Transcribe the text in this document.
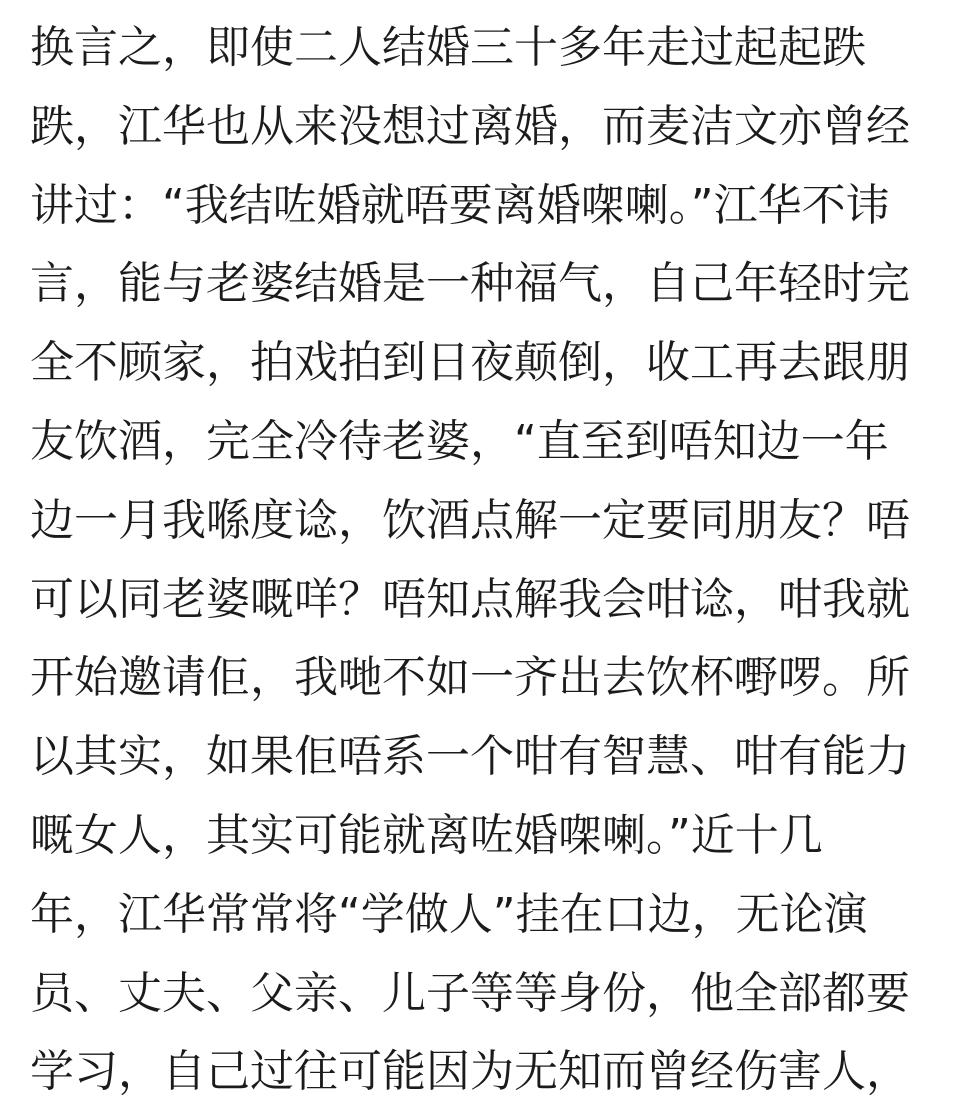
换言之，即使二人结婚三十多年走过起起跌
跌，江华也从来没想过离婚，而麦洁文亦曾经
讲过：“我结咗婚就唔要离婚㗎喇。”江华不讳
言，能与老婆结婚是一种福气，自己年轻时完
全不顾家，拍戏拍到日夜颠倒，收工再去跟朋
友饮酒，完全冷待老婆，“直至到唔知边一年
边一月我喺度谂，饮酒点解一定要同朋友？唔
可以同老婆嘅咩？唔知点解我会咁谂，咁我就
开始邀请佢，我哋不如一齐出去饮杯嘢啰。所
以其实，如果佢唔系一个咁有智慧、咁有能力
嘅女人，其实可能就离咗婚㗎喇。”近十几
年，江华常常将“学做人”挂在口边，无论演
员、丈夫、父亲、儿子等等身份，他全部都要
学习，自己过往可能因为无知而曾经伤害人，
